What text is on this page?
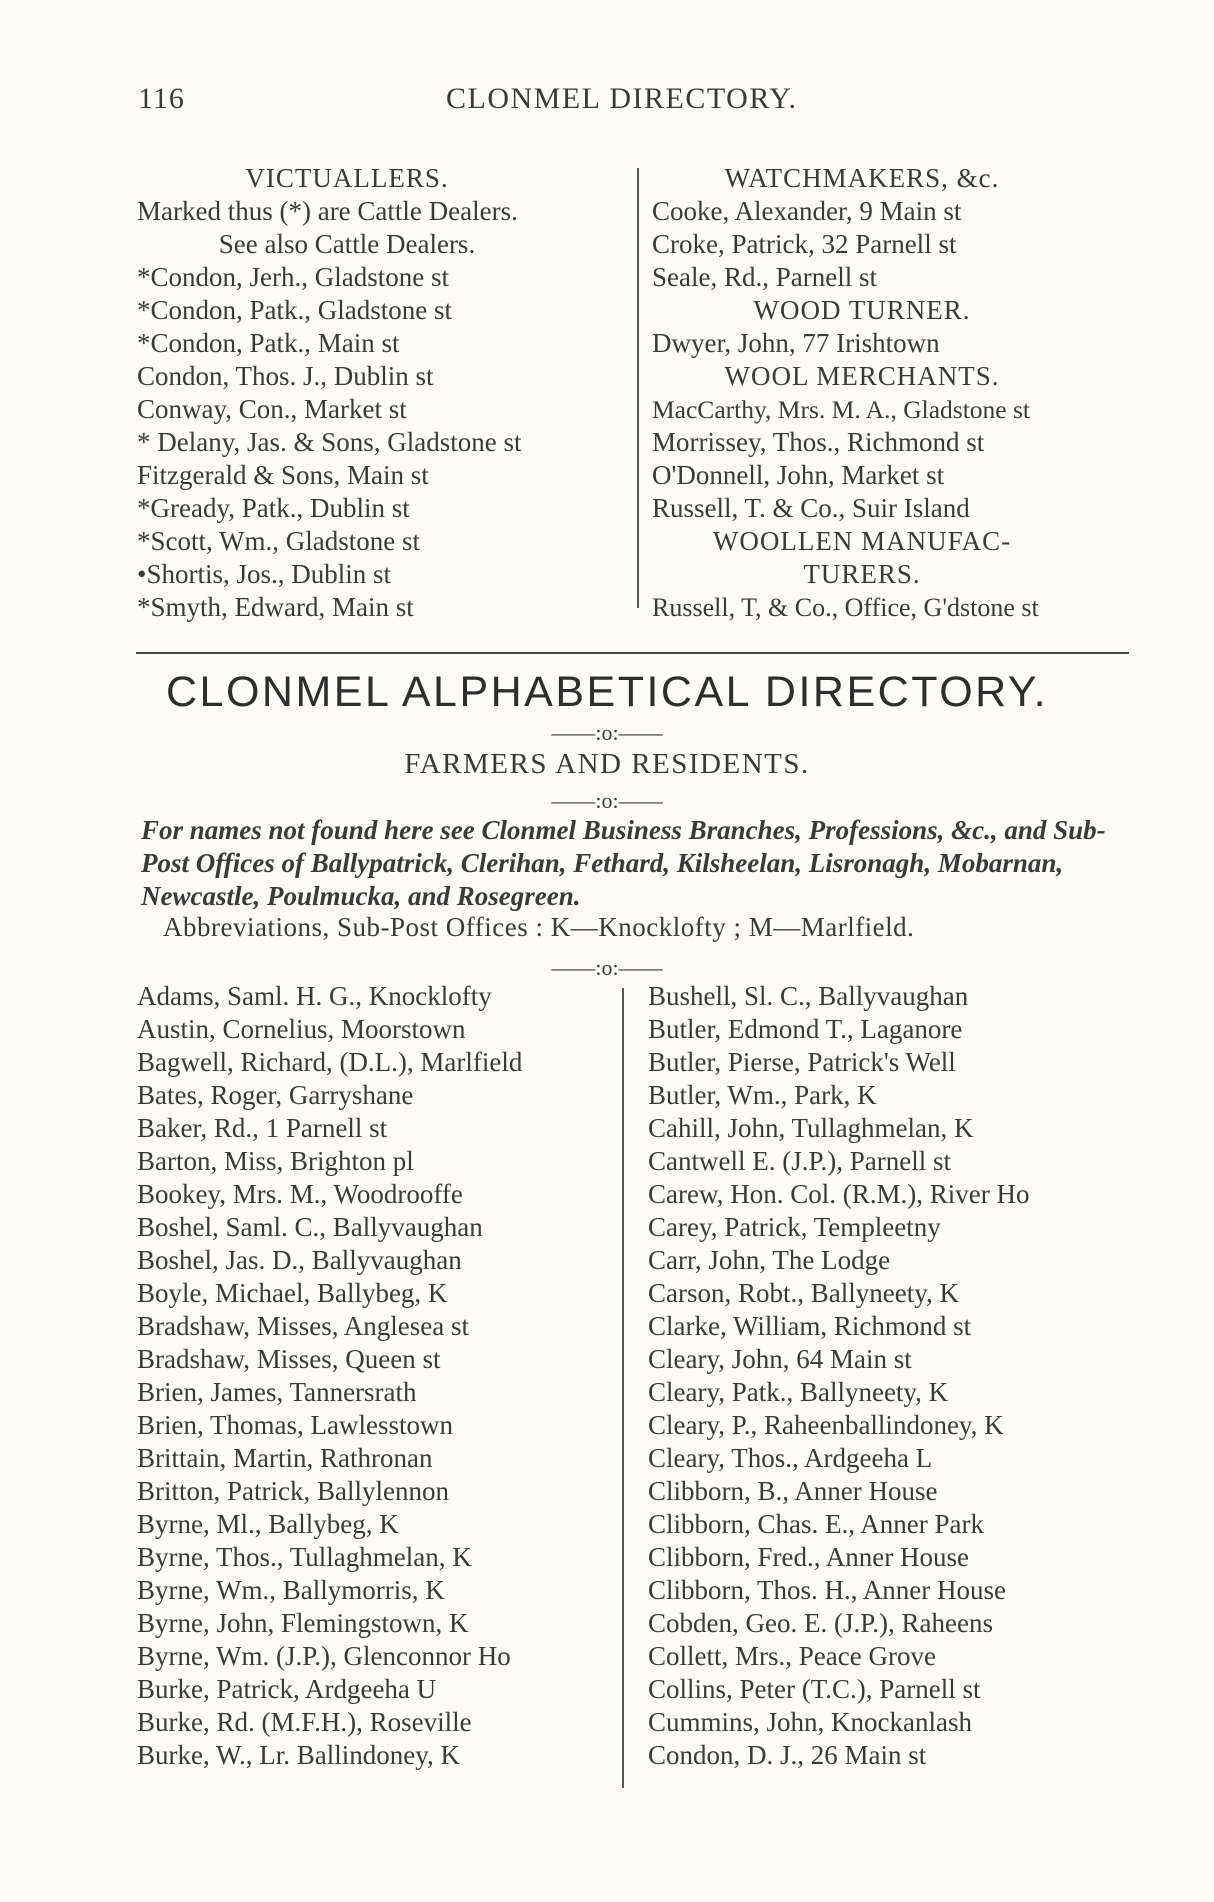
116	CLONMEL DIRECTORY.
VICTUALLERS.
Marked thus (*) are Cattle Dealers.
See also Cattle Dealers.
*Condon, Jerh., Gladstone st
*Condon, Patk., Gladstone st
*Condon, Patk., Main st
Condon, Thos. J., Dublin st
Conway, Con., Market st
* Delany, Jas. & Sons, Gladstone st
Fitzgerald & Sons, Main st
*Gready, Patk., Dublin st
*Scott, Wm., Gladstone st
•Shortis, Jos., Dublin st
*Smyth, Edward, Main st
WATCHMAKERS, &c.
Cooke, Alexander, 9 Main st
Croke, Patrick, 32 Parnell st
Seale, Rd., Parnell st
WOOD TURNER.
Dwyer, John, 77 Irishtown
WOOL MERCHANTS.
MacCarthy, Mrs. M. A., Gladstone st
Morrissey, Thos., Richmond st
O'Donnell, John, Market st
Russell, T. & Co., Suir Island
WOOLLEN MANUFAC-
TURERS.
Russell, T, & Co., Office, G'dstone st
CLONMEL ALPHABETICAL DIRECTORY.
——:o:——
FARMERS AND RESIDENTS.
——:o:——
For names not found here see Clonmel Business Branches, Professions, &c., and Sub-Post Offices of Ballypatrick, Clerihan, Fethard, Kilsheelan, Lisronagh, Mobarnan, Newcastle, Poulmucka, and Rosegreen.
Abbreviations, Sub-Post Offices : K—Knocklofty ; M—Marlfield.
——:o:——
Adams, Saml. H. G., Knocklofty
Austin, Cornelius, Moorstown
Bagwell, Richard, (D.L.), Marlfield
Bates, Roger, Garryshane
Baker, Rd., 1 Parnell st
Barton, Miss, Brighton pl
Bookey, Mrs. M., Woodrooffe
Boshel, Saml. C., Ballyvaughan
Boshel, Jas. D., Ballyvaughan
Boyle, Michael, Ballybeg, K
Bradshaw, Misses, Anglesea st
Bradshaw, Misses, Queen st
Brien, James, Tannersrath
Brien, Thomas, Lawlesstown
Brittain, Martin, Rathronan
Britton, Patrick, Ballylennon
Byrne, Ml., Ballybeg, K
Byrne, Thos., Tullaghmelan, K
Byrne, Wm., Ballymorris, K
Byrne, John, Flemingstown, K
Byrne, Wm. (J.P.), Glenconnor Ho
Burke, Patrick, Ardgeeha U
Burke, Rd. (M.F.H.), Roseville
Burke, W., Lr. Ballindoney, K
Bushell, Sl. C., Ballyvaughan
Butler, Edmond T., Laganore
Butler, Pierse, Patrick's Well
Butler, Wm., Park, K
Cahill, John, Tullaghmelan, K
Cantwell E. (J.P.), Parnell st
Carew, Hon. Col. (R.M.), River Ho
Carey, Patrick, Templeetny
Carr, John, The Lodge
Carson, Robt., Ballyneety, K
Clarke, William, Richmond st
Cleary, John, 64 Main st
Cleary, Patk., Ballyneety, K
Cleary, P., Raheenballindoney, K
Cleary, Thos., Ardgeeha L
Clibborn, B., Anner House
Clibborn, Chas. E., Anner Park
Clibborn, Fred., Anner House
Clibborn, Thos. H., Anner House
Cobden, Geo. E. (J.P.), Raheens
Collett, Mrs., Peace Grove
Collins, Peter (T.C.), Parnell st
Cummins, John, Knockanlash
Condon, D. J., 26 Main st
